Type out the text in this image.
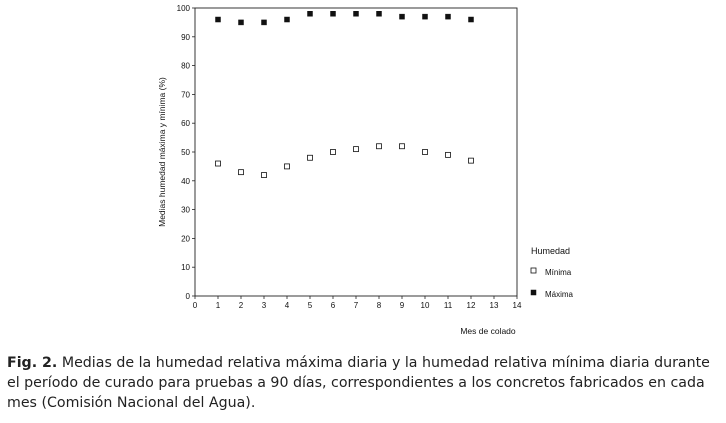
0
10
20
30
40
50
60
70
80
90
100
0 1 2 3 4 5 6 7 8 9 10 11 12 13 14
Medias humedad máxima y mínima (%)
Mes de colado
Humedad
Mínima
Máxima
Fig. 2. Medias de la humedad relativa máxima diaria y la humedad relativa mínima diaria durante el período de curado para pruebas a 90 días, correspondientes a los concretos fabricados en cada mes (Comisión Nacional del Agua).
